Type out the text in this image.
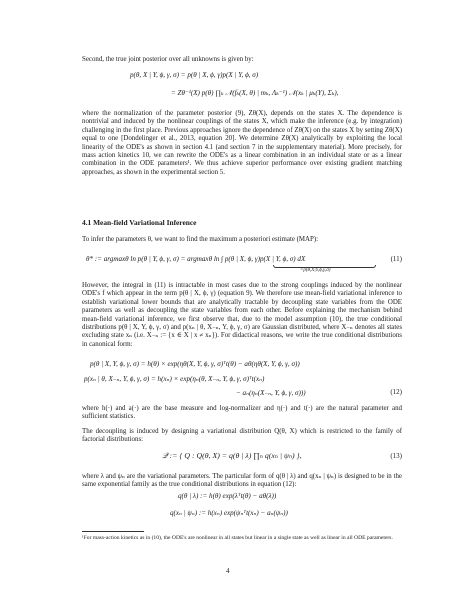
Second, the true joint posterior over all unknowns is given by:
p(θ, X | Y, ϕ, γ, σ) = p(θ | X, ϕ, γ)p(X | Y, ϕ, σ)
= Zθ⁻¹(X) p(θ) ∏ₖ 𝒩(fₖ(X, θ) | mₖ, Λₖ⁻¹) 𝒩(xₖ | μₖ(Y), Σₖ),
where the normalization of the parameter posterior (9), Zθ(X), depends on the states X. The dependence is nontrivial and induced by the nonlinear couplings of the states X, which make the inference (e.g. by integration) challenging in the first place. Previous approaches ignore the dependence of Zθ(X) on the states X by setting Zθ(X) equal to one [Dondelinger et al., 2013, equation 20]. We determine Zθ(X) analytically by exploiting the local linearity of the ODE's as shown in section 4.1 (and section 7 in the supplementary material). More precisely, for mass action kinetics 10, we can rewrite the ODE's as a linear combination in an individual state or as a linear combination in the ODE parameters¹. We thus achieve superior performance over existing gradient matching approaches, as shown in the experimental section 5.
4.1 Mean-field Variational Inference
To infer the parameters θ, we want to find the maximum a posteriori estimate (MAP):
θ* := argmaxθ ln p(θ | Y, ϕ, γ, σ) = argmaxθ ln ∫ p(θ | X, ϕ, γ)p(X | Y, ϕ, σ) dX
=p(θ,X|Y,ϕ,γ,σ)
(11)
However, the integral in (11) is intractable in most cases due to the strong couplings induced by the nonlinear ODE's f which appear in the term p(θ | X, ϕ, γ) (equation 9). We therefore use mean-field variational inference to establish variational lower bounds that are analytically tractable by decoupling state variables from the ODE parameters as well as decoupling the state variables from each other. Before explaining the mechanism behind mean-field variational inference, we first observe that, due to the model assumption (10), the true conditional distributions p(θ | X, Y, ϕ, γ, σ) and p(xₙ | θ, X₋ₙ, Y, ϕ, γ, σ) are Gaussian distributed, where X₋ₙ denotes all states excluding state xₙ (i.e. X₋ₙ := {x ∈ X | x ≠ xₙ}). For didactical reasons, we write the true conditional distributions in canonical form:
p(θ | X, Y, ϕ, γ, σ) = h(θ) × exp(ηθ(X, Y, ϕ, γ, σ)ᵀt(θ) − aθ(ηθ(X, Y, ϕ, γ, σ))
p(xₙ | θ, X₋ₙ, Y, ϕ, γ, σ) = h(xₙ) × exp(ηₙ(θ, X₋ₙ, Y, ϕ, γ, σ)ᵀt(xₙ)
− aₙ(ηₙ(X₋ₙ, Y, ϕ, γ, σ)))	(12)
where h(·) and a(·) are the base measure and log-normalizer and η(·) and t(·) are the natural parameter and sufficient statistics.
The decoupling is induced by designing a variational distribution Q(θ, X) which is restricted to the family of factorial distributions:
𝒬 := { Q : Q(θ, X) = q(θ | λ) ∏ₙ q(xₙ | ψₙ) },	(13)
where λ and ψₙ are the variational parameters. The particular form of q(θ | λ) and q(xₙ | ψₙ) is designed to be in the same exponential family as the true conditional distributions in equation (12):
q(θ | λ) := h(θ) exp(λᵀt(θ) − aθ(λ))
q(xₙ | ψₙ) := h(xₙ) exp(ψₙᵀt(xₙ) − aₙ(ψₙ))
¹For mass-action kinetics as in (10), the ODE's are nonlinear in all states but linear in a single state as well as linear in all ODE parameters.
4
